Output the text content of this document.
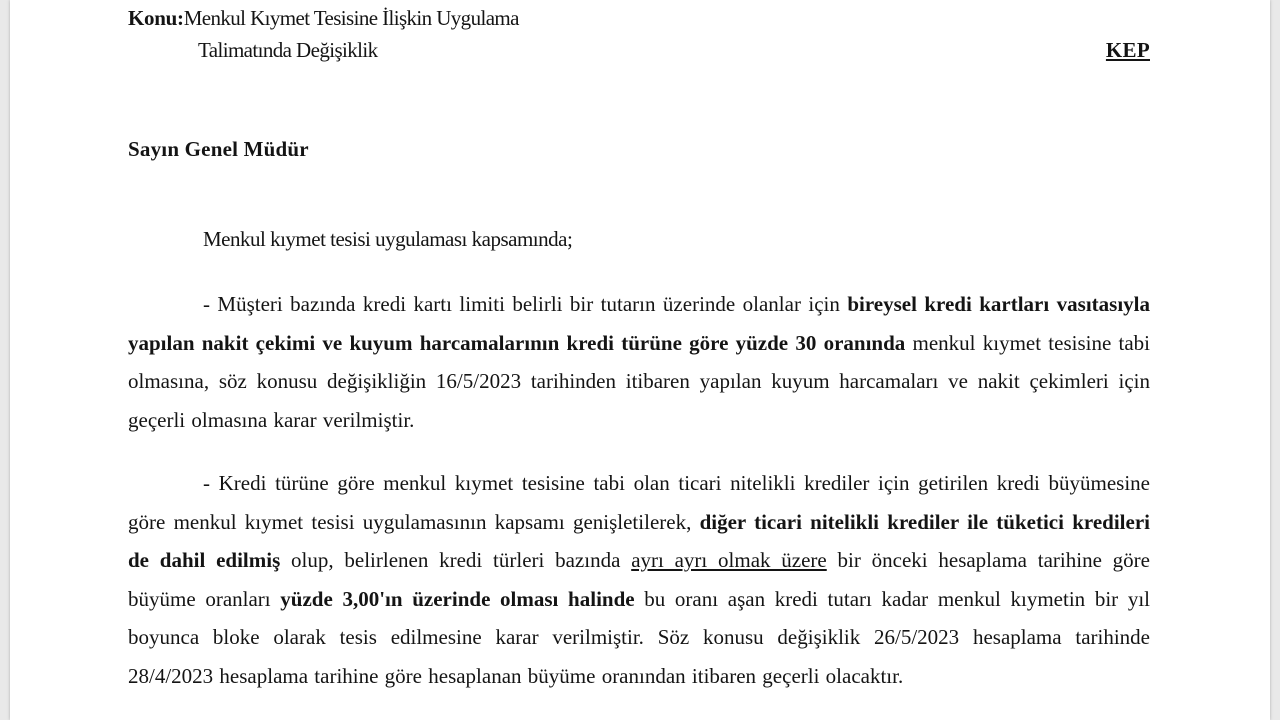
Konu:Menkul Kıymet Tesisine İlişkin Uygulama
Talimatında Değişiklik	KEP
Sayın Genel Müdür
Menkul kıymet tesisi uygulaması kapsamında;
- Müşteri bazında kredi kartı limiti belirli bir tutarın üzerinde olanlar için bireysel kredi kartları vasıtasıyla yapılan nakit çekimi ve kuyum harcamalarının kredi türüne göre yüzde 30 oranında menkul kıymet tesisine tabi olmasına, söz konusu değişikliğin 16/5/2023 tarihinden itibaren yapılan kuyum harcamaları ve nakit çekimleri için geçerli olmasına karar verilmiştir.
- Kredi türüne göre menkul kıymet tesisine tabi olan ticari nitelikli krediler için getirilen kredi büyümesine göre menkul kıymet tesisi uygulamasının kapsamı genişletilerek, diğer ticari nitelikli krediler ile tüketici kredileri de dahil edilmiş olup, belirlenen kredi türleri bazında ayrı ayrı olmak üzere bir önceki hesaplama tarihine göre büyüme oranları yüzde 3,00'ın üzerinde olması halinde bu oranı aşan kredi tutarı kadar menkul kıymetin bir yıl boyunca bloke olarak tesis edilmesine karar verilmiştir. Söz konusu değişiklik 26/5/2023 hesaplama tarihinde 28/4/2023 hesaplama tarihine göre hesaplanan büyüme oranından itibaren geçerli olacaktır.
